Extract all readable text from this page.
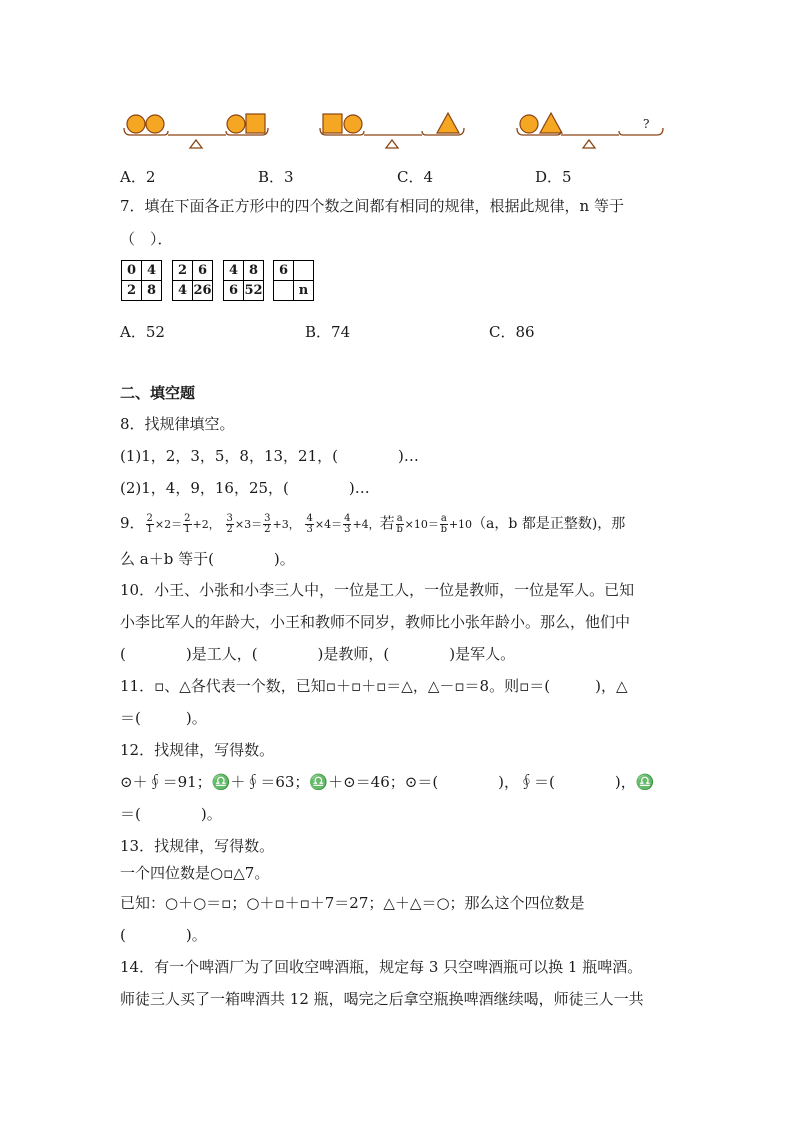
?
A．2	B．3	C．4	D．5
7．填在下面各正方形中的四个数之间都有相同的规律，根据此规律，n 等于
（　）．
0	4
2	8
2	6
4	26
4	8
6	52
6	
	n
A．52	B．74	C．86
二、填空题
8．找规律填空。
(1)1，2，3，5，8，13，21，(　　　　)…
(2)1，4，9，16，25，(　　　　)…
9． $\frac{2}{1} \times 2= \frac{2}{1} +2$， $\frac{3}{2} \times 3= \frac{3}{2} +3$， $\frac{4}{3} \times 4= \frac{4}{3} +4$，若 $\frac{a}{b} \times 10= \frac{a}{b} +10(a$，b 都是正整数)，那
么 a＋b 等于(　　　　)。
10．小王、小张和小李三人中，一位是工人，一位是教师，一位是军人。已知
小李比军人的年龄大，小王和教师不同岁，教师比小张年龄小。那么，他们中
(　　　　)是工人，(　　　　)是教师，(　　　　)是军人。
11．▫、△各代表一个数，已知▫＋▫＋▫＝△，△－▫＝8。则▫＝(　　　)，△
＝(　　　)。
12．找规律，写得数。
⊙＋∮＝91；♎＋∮＝63；♎＋⊙＝46；⊙＝(　　　　)，∮＝(　　　　)，♎
＝(　　　　)。
13．找规律，写得数。
一个四位数是○▫△7。
已知：○＋○＝▫；○＋▫＋▫＋7＝27；△＋△＝○；那么这个四位数是
(　　　　)。
14．有一个啤酒厂为了回收空啤酒瓶，规定每 3 只空啤酒瓶可以换 1 瓶啤酒。
师徒三人买了一箱啤酒共 12 瓶，喝完之后拿空瓶换啤酒继续喝，师徒三人一共
